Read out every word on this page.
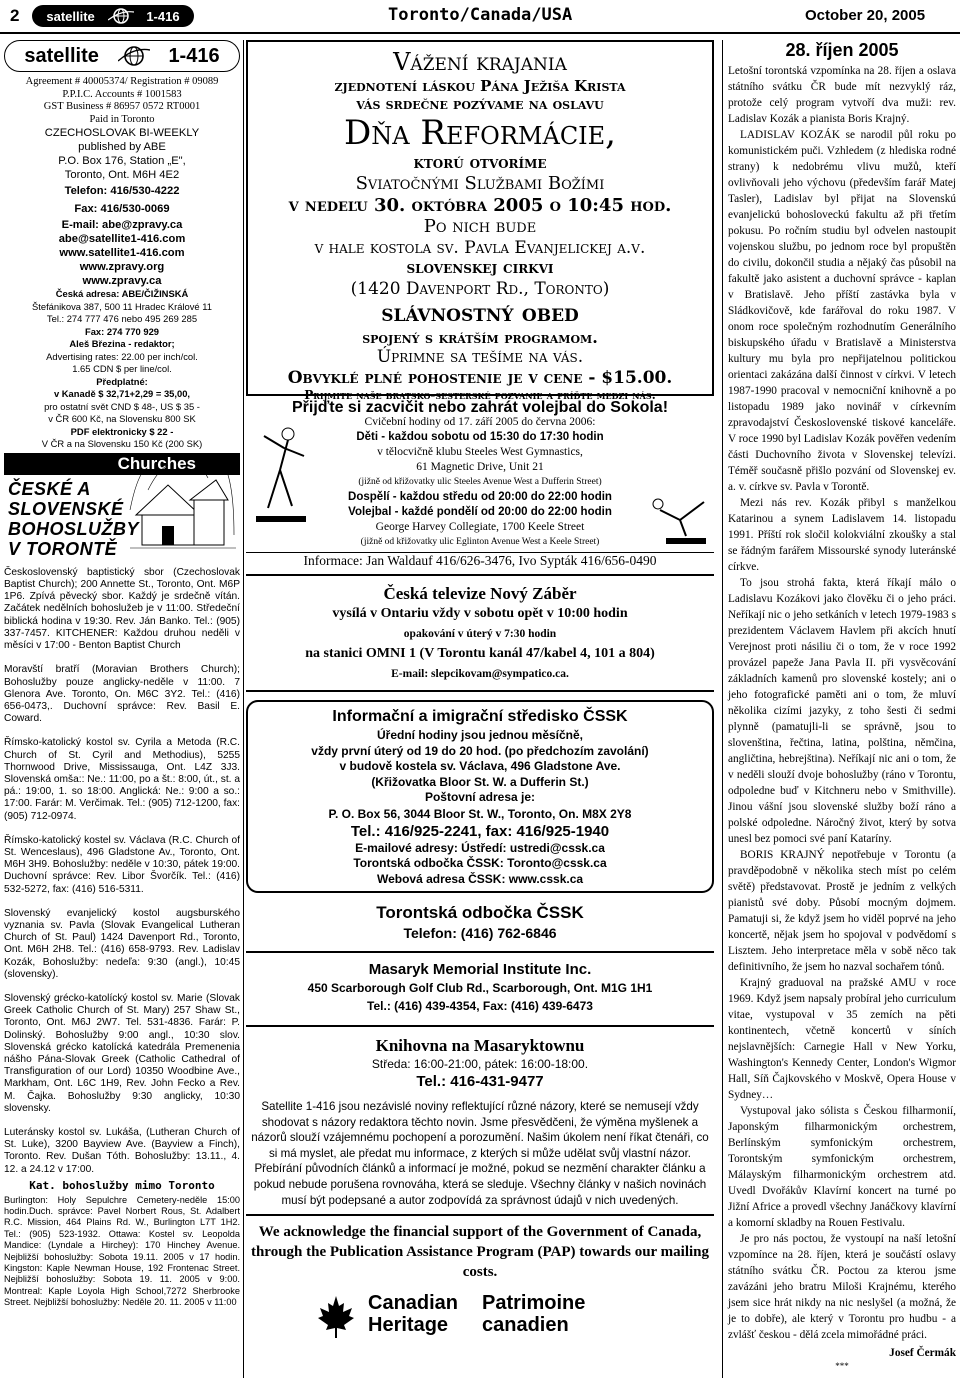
2 satellite	1-416	Toronto/Canada/USA	October 20, 2005
satellite	1-416
Agreement # 40005374/ Registration # 09089
P.P.I.C. Accounts # 1001583
GST Business # 86957 0572 RT0001
Paid in Toronto
CZECHOSLOVAK BI-WEEKLY
published by ABE
P.O. Box 176, Station „E",
Toronto, Ont. M6H 4E2
Telefon: 416/530-4222
Fax: 416/530-0069
E-mail: abe@zpravy.ca
abe@satellite1-416.com
www.satellite1-416.com
www.zpravy.org
www.zpravy.ca
Česká adresa: ABE/ČIŽINSKÁ
Štefánikova 387, 500 11 Hradec Králové 11
Tel.: 274 777 476 nebo 495 269 285
Fax: 274 770 929
Aleš Březina - redaktor;
Advertising rates: 22.00 per inch/col.
1.65 CDN $ per line/col.
Předplatné:
v Kanadě $ 32,71+2,29 = 35,00,
pro ostatní svět CND $ 48-, US $ 35 -
v ČR 600 Kč, na Slovensku 800 SK
PDF elektronicky $ 22 -
V ČR a na Slovensku 150 Kč (200 SK)
Churches
ČESKÉ A
SLOVENSKÉ
BOHOSLUŽBY
V TORONTĚ

Československý baptistický sbor (Czechoslovak Baptist Church); 200 Annette St., Toronto, Ont. M6P 1P6. Zpívá pěvecký sbor. Každý je srdečně vítán. Začátek nedělních bohoslužeb je v 11:00. Středeční biblická hodina v 19:30. Rev. Ján Banko. Tel.: (905) 337-7457. KITCHENER: Každou druhou neděli v měsíci v 17:00 - Benton Baptist Church

Moravští bratří (Moravian Brothers Church); Bohoslužby pouze anglicky-neděle v 11:00. 7 Glenora Ave. Toronto, On. M6C 3Y2. Tel.: (416) 656-0473,. Duchovní správce: Rev. Basil E. Coward.

Římsko-katolický kostol sv. Cyrila a Metoda (R.C. Church of St. Cyril and Methodius), 5255 Thornwood Drive, Mississauga, Ont. L4Z 3J3. Slovenská omša:: Ne.: 11:00, po a št.: 8:00, út., st. a pá.: 19:00, 1. so 18:00. Anglická: Ne.: 9:00 a so.: 17:00. Farár: M. Verčimak. Tel.: (905) 712-1200, fax: (905) 712-0974.

Římsko-katolický kostel sv. Václava (R.C. Church of St. Wenceslaus), 496 Gladstone Av., Toronto, Ont. M6H 3H9. Bohoslužby: neděle v 10:30, pátek 19:00. Duchovní správce: Rev. Libor Švorčík. Tel.: (416) 532-5272, fax: (416) 516-5311.

Slovenský evanjelický kostol augsburského vyznania sv. Pavla (Slovak Evangelical Lutheran Church of St. Paul) 1424 Davenport Rd., Toronto, Ont. M6H 2H8. Tel.: (416) 658-9793. Rev. Ladislav Kozák, Bohoslužby: nedeľa: 9:30 (angl.), 10:45 (slovensky).

Slovenský grécko-katolícký kostol sv. Marie (Slovak Greek Catholic Church of St. Mary) 257 Shaw St., Toronto, Ont. M6J 2W7. Tel. 531-4836. Farár: P. Dolinský. Bohoslužby 9:00 angl., 10:30 slov. Slovenská grécko katolícká katedrála Premenenia nášho Pána-Slovak Greek (Catholic Cathedral of Transfiguration of our Lord) 10350 Woodbine Ave., Markham, Ont. L6C 1H9, Rev. John Fecko a Rev. M. Čajka. Bohoslužby 9:30 anglicky, 10:30 slovensky.

Luteránsky kostol sv. Lukáša, (Lutheran Church of St. Luke), 3200 Bayview Ave. (Bayview a Finch), Toronto. Rev. Dušan Tóth. Bohoslužby: 13.11., 4. 12. a 24.12 v 17:00.

Kat. bohoslužby mimo Toronto

Burlington: Holy Sepulchre Cemetery-neděle 15:00 hodin.Duch. správce: Pavel Norbert Rous, St. Adalbert R.C. Mission, 464 Plains Rd. W., Burlington L7T 1H2. Tel.: (905) 523-1932. Ottawa: Kostel sv. Leopolda Mandice: (Lyndale a Hirchey): 170 Hinchey Avenue. Nejbližší bohoslužby: Sobota 19.11. 2005 v 17 hodin. Kingston: Kaple Newman House, 192 Frontenac Street. Nejbližší bohoslužby: Sobota 19. 11. 2005 v 9:00. Montreal: Kaple Loyola High School,7272 Sherbrooke Street. Nejbližší bohoslužby: Neděle 20. 11. 2005 v 11:00

Vážení krajania
zjednotení láskou Pána Ježiša Krista
vás srdečne pozývame na oslavu
Dňa Reformácie,
ktorú otvoríme
Sviatočnými Službami Božími
v nedeľu 30. októbra 2005 o 10:45 hod.
Po nich bude
v hale kostola sv. Pavla Evanjelickej a.v.
slovenskej cirkvi
(1420 Davenport Rd., Toronto)
slávnostný obed
spojený s krátším programom.
Úprimne sa tešíme na vás.
Obvyklé plné pohostenie je v cene - $15.00.
Prijmite naše bratsko-sesterské pozvanie a príďte medzi nás.
Přijďte si zacvičit nebo zahrát volejbal do Sokola!
Cvičební hodiny od 17. září 2005 do června 2006:
Děti - každou sobotu od 15:30 do 17:30 hodin
v tělocvičně klubu Steeles West Gymnastics,
61 Magnetic Drive, Unit 21
(jižně od křižovatky ulic Steeles Avenue West a Dufferin Street)
Dospělí - každou středu od 20:00 do 22:00 hodin
Volejbal - každé pondělí od 20:00 do 22:00 hodin
George Harvey Collegiate, 1700 Keele Street
(jižně od křižovatky ulic Eglinton Avenue West a Keele Street)
Informace: Jan Waldauf 416/626-3476, Ivo Sypták 416/656-0490
Česká televize Nový Záběr
vysílá v Ontariu vždy v sobotu opět v 10:00 hodin
opakování v úterý v 7:30 hodin
na stanici OMNI 1 (V Torontu kanál 47/kabel 4, 101 a 804)
E-mail: slepcikovam@sympatico.ca.
Informační a imigrační středisko ČSSK
Úřední hodiny jsou jednou měsíčně,
vždy první úterý od 19 do 20 hod. (po předchozím zavolání)
v budově kostela sv. Václava, 496 Gladstone Ave.
(Křižovatka Bloor St. W. a Dufferin St.)
Poštovní adresa je:
P. O. Box 56, 3044 Bloor St. W., Toronto, On. M8X 2Y8
Tel.: 416/925-2241, fax: 416/925-1940
E-mailové adresy: Ústředí: ustredi@cssk.ca
Torontská odbočka ČSSK: Toronto@cssk.ca
Webová adresa ČSSK: www.cssk.ca
Torontská odbočka ČSSK
Telefon: (416) 762-6846
Masaryk Memorial Institute Inc.
450 Scarborough Golf Club Rd., Scarborough, Ont. M1G 1H1
Tel.: (416) 439-4354, Fax: (416) 439-6473
Knihovna na Masaryktownu
Středa: 16:00-21:00, pátek: 16:00-18:00.
Tel.: 416-431-9477
Satellite 1-416 jsou nezávislé noviny reflektující různé názory, které se nemusejí vždy shodovat s názory redaktora těchto novin. Jsme přesvědčeni, že výměna myšlenek a názorů slouží vzájemnému pochopení a porozumění. Našim úkolem není říkat čtenáři, co si má myslet, ale předat mu informace, z kterých si může udělat svůj vlastní názor. Přebírání původních článků a informací je možné, pokud se nezmění charakter článku a pokud nebude porušena rovnováha, která se sleduje. Všechny články v našich novinách musí být podepsané a autor zodpovídá za správnost údajů v nich uvedených.
We acknowledge the financial support of the Government of Canada, through the Publication Assistance Program (PAP) towards our mailing costs.
Canadian
Heritage
Patrimoine
canadien
28. říjen 2005

Letošní torontská vzpomínka na 28. říjen a oslava státního svátku ČR bude mít nezvyklý ráz, protože celý program vytvoří dva muži: rev. Ladislav Kozák a pianista Boris Krajný.

LADISLAV KOZÁK se narodil půl roku po komunistickém puči. Vzhledem (z hlediska rodné strany) k nedobrému vlivu mužů, kteří ovlivňovali jeho výchovu (především farář Matej Tasler), Ladislav byl přijat na Slovenskú evanjelickú bohosloveckú fakultu až při třetím pokusu. Po ročním studiu byl odvelen nastoupit vojenskou službu, po jednom roce byl propuštěn do civilu, dokončil studia a nějaký čas působil na fakultě jako asistent a duchovní správce - kaplan v Bratislavě. Jeho příští zastávka byla v Sládkovičově, kde farářoval do roku 1987. V onom roce společným rozhodnutím Generálního biskupského úřadu v Bratislavě a Ministerstva kultury mu byla pro nepřijatelnou politickou orientaci zakázána další činnost v církvi. V letech 1987-1990 pracoval v nemocniční knihovně a po listopadu 1989 jako novinář v církevním zpravodajství Československé tiskové kanceláře. V roce 1990 byl Ladislav Kozák pověřen vedením části Duchovního života v Slovenskej televízi. Téměř současně přišlo pozvání od Slovenskej ev. a. v. církve sv. Pavla v Torontě.

Mezi nás rev. Kozák přibyl s manželkou Katarinou a synem Ladislavem 14. listopadu 1991. Příští rok sločil kolokviální zkoušky a stal se řádným farářem Missourské synody luteránské církve.

To jsou strohá fakta, která říkají málo o Ladislavu Kozákovi jako člověku či o jeho práci. Neříkají nic o jeho setkáních v letech 1979-1983 s prezidentem Václavem Havlem při akcích hnutí Verejnost proti násiliu či o tom, že v roce 1992 provázel papeže Jana Pavla II. při vysvěcování základních kamenů pro slovenské kostely; ani o jeho fotografické paměti ani o tom, že mluví několika cizími jazyky, z toho šesti či sedmi plynně (pamatujli-li se správně, jsou to slovenština, řečtina, latina, polština, němčina, angličtina, hebrejština). Neříkají nic ani o tom, že v neděli slouží dvoje bohoslužby (ráno v Torontu, odpoledne buď v Kitchneru nebo v Smithville). Jinou vášní jsou slovenské služby boží ráno a polské odpoledne. Náročný život, který by sotva unesl bez pomoci své paní Kataríny.

BORIS KRAJNÝ nepotřebuje v Torontu (a pravděpodobně v několika stech míst po celém světě) představovat. Prostě je jedním z velkých pianistů své doby. Působí mocným dojmem. Pamatuji si, že když jsem ho viděl poprvé na jeho koncertě, nějak jsem ho spojoval v podvědomí s Lisztem. Jeho interpretace měla v sobě něco tak definitivního, že jsem ho nazval sochařem tónů.

Krajný graduoval na pražské AMU v roce 1969. Když jsem napsaly probíral jeho curriculum vitae, vystupoval v 35 zemích na pěti kontinentech, včetně koncertů v síních nejslavnějších: Carnegie Hall v New Yorku, Washington's Kennedy Center, London's Wigmor Hall, Síň Čajkovského v Moskvě, Opera House v Sydney…

Vystupoval jako sólista s Českou filharmonií, Japonským filharmonickým orchestrem, Berlínským symfonickým orchestrem, Torontským symfonickým orchestrem, Málayským filharmonickým orchestrem atd. Uvedl Dvořákův Klavírní koncert na turné po Jižní Africe a provedl všechny Janáčkovy klavírní a komorní skladby na Rouen Festivalu.

Je pro nás poctou, že vystoupí na naší letošní vzpomínce na 28. říjen, která je součástí oslavy státního svátku ČR. Poctou za kterou jsme zavázáni jeho bratru Miloši Krajnému, kterého jsem sice hrát nikdy na nic neslyšel (a možná, že je to dobře), ale který v Torontu pro hudbu - a zvlášť českou - dělá zcela mimořádné práci.

Josef Čermák
***
